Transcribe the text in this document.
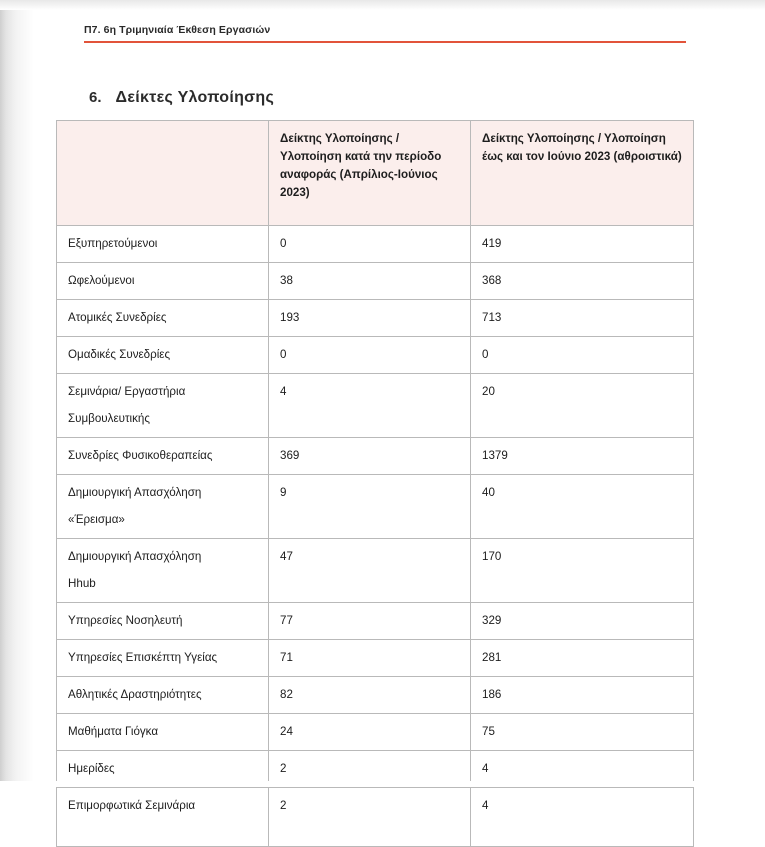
Π7. 6η Τριμηνιαία Έκθεση Εργασιών
6. Δείκτες Υλοποίησης
	Δείκτης Υλοποίησης / Υλοποίηση κατά την περίοδο αναφοράς (Απρίλιος-Ιούνιος 2023)	Δείκτης Υλοποίησης / Υλοποίηση έως και τον Ιούνιο 2023 (αθροιστικά)
Εξυπηρετούμενοι	0	419
Ωφελούμενοι	38	368
Ατομικές Συνεδρίες	193	713
Ομαδικές Συνεδρίες	0	0
Σεμινάρια/ Εργαστήρια
Συμβουλευτικής	4	20
Συνεδρίες Φυσικοθεραπείας	369	1379
Δημιουργική Απασχόληση
«Έρεισμα»	9	40
Δημιουργική Απασχόληση
Hhub	47	170
Υπηρεσίες Νοσηλευτή	77	329
Υπηρεσίες Επισκέπτη Υγείας	71	281
Αθλητικές Δραστηριότητες	82	186
Μαθήματα Γιόγκα	24	75
Ημερίδες	2	4
Επιμορφωτικά Σεμινάρια	2	4
